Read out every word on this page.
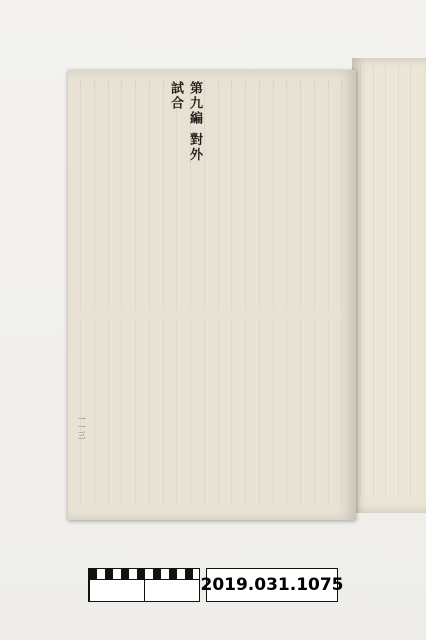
第九編 對外試合
一一三
2019.031.1075
